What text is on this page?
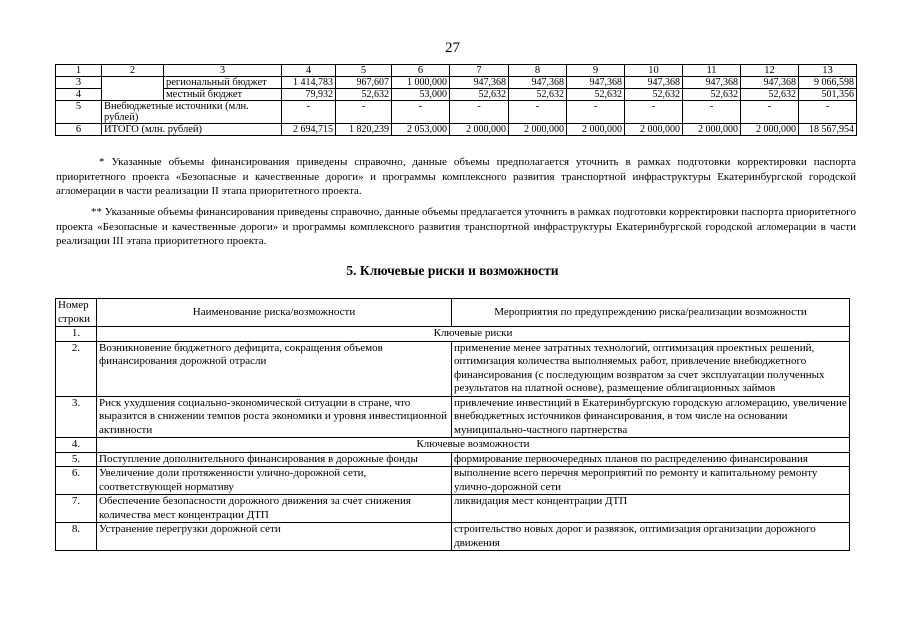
27
1	2	3	4	5	6	7	8	9	10	11	12	13
3		региональный бюджет	1 414,783	967,607	1 000,000	947,368	947,368	947,368	947,368	947,368	947,368	9 066,598
4		местный бюджет	79,932	52,632	53,000	52,632	52,632	52,632	52,632	52,632	52,632	501,356
5	Внебюджетные источники (млн. рублей)		-	-	-	-	-	-	-	-	-	-
6	ИТОГО (млн. рублей)		2 694,715	1 820,239	2 053,000	2 000,000	2 000,000	2 000,000	2 000,000	2 000,000	2 000,000	18 567,954
* Указанные объемы финансирования приведены справочно, данные объемы предполагается уточнить в рамках подготовки корректировки паспорта приоритетного проекта «Безопасные и качественные дороги» и программы комплексного развития транспортной инфраструктуры Екатеринбургской городской агломерации в части реализации II этапа приоритетного проекта.
** Указанные объемы финансирования приведены справочно, данные объемы предлагается уточнить в рамках подготовки корректировки паспорта приоритетного проекта «Безопасные и качественные дороги» и программы комплексного развития транспортной инфраструктуры Екатеринбургской городской агломерации в части реализации III этапа приоритетного проекта.
5. Ключевые риски и возможности
Номер строки	Наименование риска/возможности	Мероприятия по предупреждению риска/реализации возможности
1.	Ключевые риски	
2.	Возникновение бюджетного дефицита, сокращения объемов финансирования дорожной отрасли	применение менее затратных технологий, оптимизация проектных решений, оптимизация количества выполняемых работ, привлечение внебюджетного финансирования (с последующим возвратом за счет эксплуатации полученных результатов на платной основе), размещение облигационных займов
3.	Риск ухудшения социально-экономической ситуации в стране, что выразится в снижении темпов роста экономики и уровня инвестиционной активности	привлечение инвестиций в Екатеринбургскую городскую агломерацию, увеличение внебюджетных источников финансирования, в том числе на основании муниципально-частного партнерства
4.	Ключевые возможности	
5.	Поступление дополнительного финансирования в дорожные фонды	формирование первоочередных планов по распределению финансирования
6.	Увеличение доли протяженности улично-дорожной сети, соответствующей нормативу	выполнение всего перечня мероприятий по ремонту и капитальному ремонту улично-дорожной сети
7.	Обеспечение безопасности дорожного движения за счет снижения количества мест концентрации ДТП	ликвидация мест концентрации ДТП
8.	Устранение перегрузки дорожной сети	строительство новых дорог и развязок, оптимизация организации дорожного движения
